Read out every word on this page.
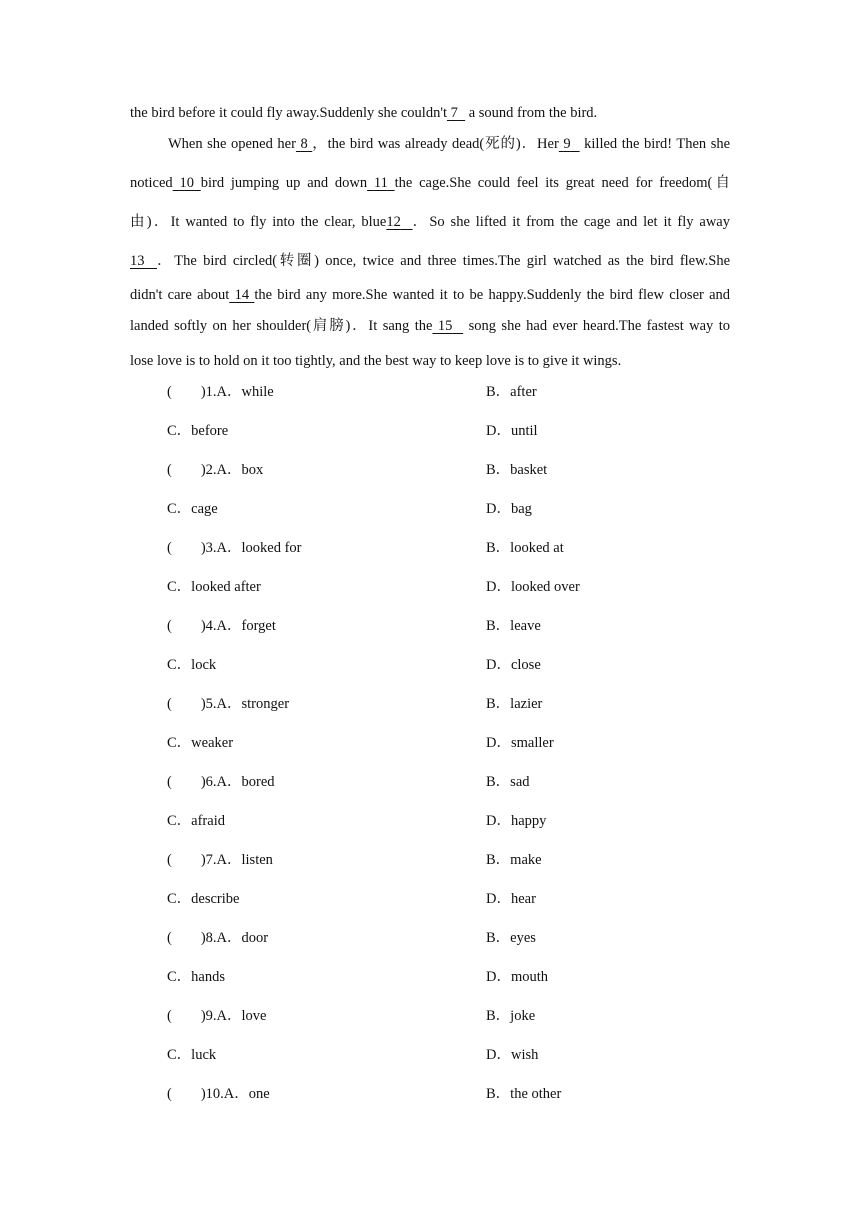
the bird before it could fly away.Suddenly she couldn't 7 a sound from the bird.
When she opened her 8 ，the bird was already dead(死的)．Her 9 killed the bird! Then she
noticed 10 bird jumping up and down 11 the cage.She could feel its great need for freedom(自
由)．It wanted to fly into the clear, blue12 ．So she lifted it from the cage and let it fly away
13 ．The bird circled(转圈) once, twice and three times.The girl watched as the bird flew.She
didn't care about 14 the bird any more.She wanted it to be happy.Suddenly the bird flew closer and
landed softly on her shoulder(肩膀)．It sang the 15 song she had ever heard.The fastest way to
lose love is to hold on it too tightly, and the best way to keep love is to give it wings.
(　　)1.A．while	B．after
C．before	D．until
(　　)2.A．box	B．basket
C．cage	D．bag
(　　)3.A．looked for	B．looked at
C．looked after	D．looked over
(　　)4.A．forget	B．leave
C．lock	D．close
(　　)5.A．stronger	B．lazier
C．weaker	D．smaller
(　　)6.A．bored	B．sad
C．afraid	D．happy
(　　)7.A．listen	B．make
C．describe	D．hear
(　　)8.A．door	B．eyes
C．hands	D．mouth
(　　)9.A．love	B．joke
C．luck	D．wish
(　　)10.A．one	B．the other
